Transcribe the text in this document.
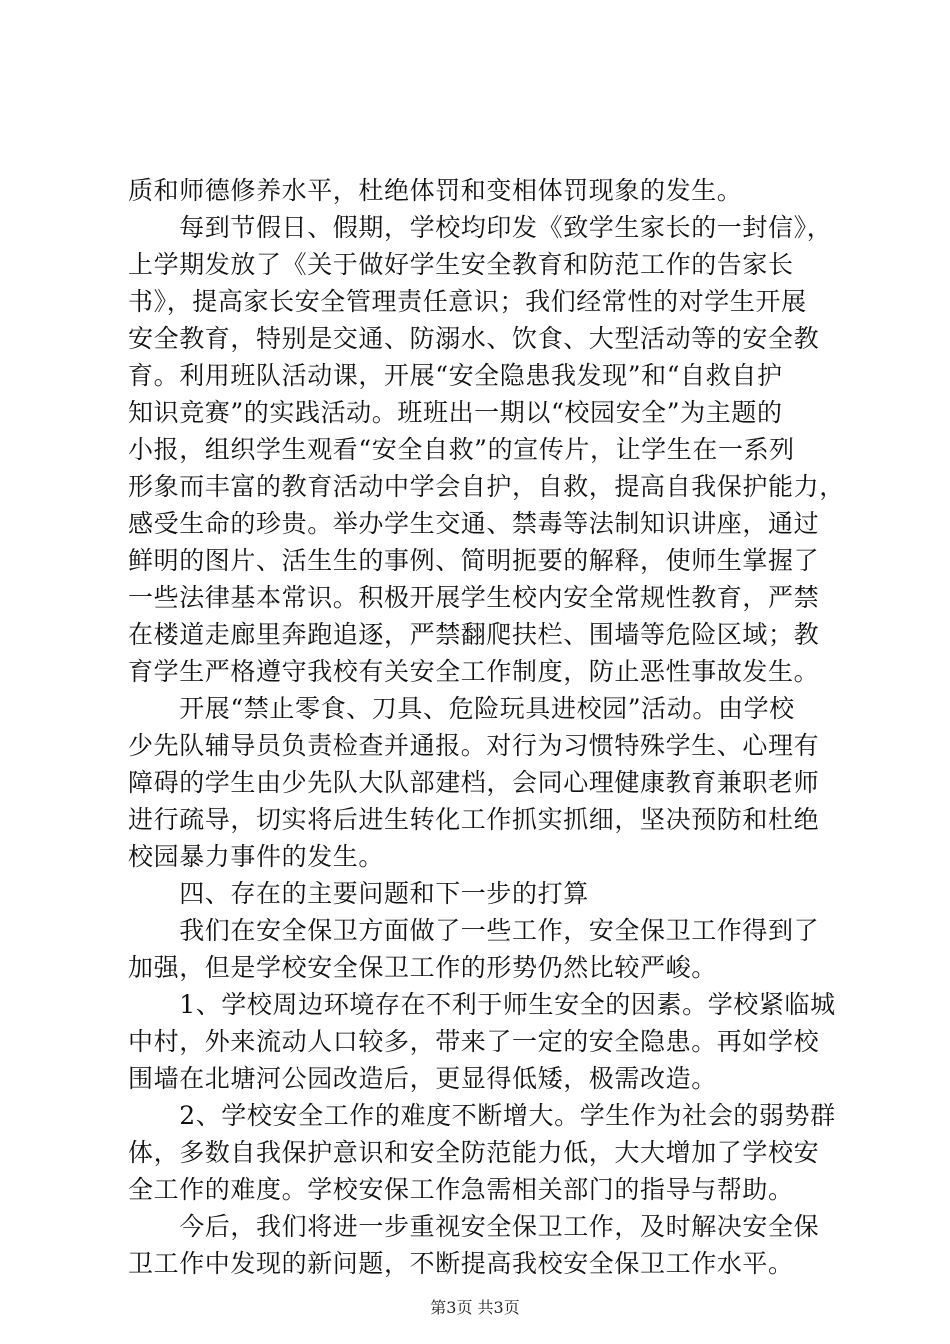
质和师德修养水平，杜绝体罚和变相体罚现象的发生。
　　每到节假日、假期，学校均印发《致学生家长的一封信》，
上学期发放了《关于做好学生安全教育和防范工作的告家长
书》，提高家长安全管理责任意识；我们经常性的对学生开展
安全教育，特别是交通、防溺水、饮食、大型活动等的安全教
育。利用班队活动课，开展“安全隐患我发现”和“自救自护
知识竞赛”的实践活动。班班出一期以“校园安全”为主题的
小报，组织学生观看“安全自救”的宣传片，让学生在一系列
形象而丰富的教育活动中学会自护，自救，提高自我保护能力，
感受生命的珍贵。举办学生交通、禁毒等法制知识讲座，通过
鲜明的图片、活生生的事例、简明扼要的解释，使师生掌握了
一些法律基本常识。积极开展学生校内安全常规性教育，严禁
在楼道走廊里奔跑追逐，严禁翻爬扶栏、围墙等危险区域；教
育学生严格遵守我校有关安全工作制度，防止恶性事故发生。
　　开展“禁止零食、刀具、危险玩具进校园”活动。由学校
少先队辅导员负责检查并通报。对行为习惯特殊学生、心理有
障碍的学生由少先队大队部建档，会同心理健康教育兼职老师
进行疏导，切实将后进生转化工作抓实抓细，坚决预防和杜绝
校园暴力事件的发生。
　　四、存在的主要问题和下一步的打算
　　我们在安全保卫方面做了一些工作，安全保卫工作得到了
加强，但是学校安全保卫工作的形势仍然比较严峻。
　　1、学校周边环境存在不利于师生安全的因素。学校紧临城
中村，外来流动人口较多，带来了一定的安全隐患。再如学校
围墙在北塘河公园改造后，更显得低矮，极需改造。
　　2、学校安全工作的难度不断增大。学生作为社会的弱势群
体，多数自我保护意识和安全防范能力低，大大增加了学校安
全工作的难度。学校安保工作急需相关部门的指导与帮助。
　　今后，我们将进一步重视安全保卫工作，及时解决安全保
卫工作中发现的新问题，不断提高我校安全保卫工作水平。
第3页 共3页
